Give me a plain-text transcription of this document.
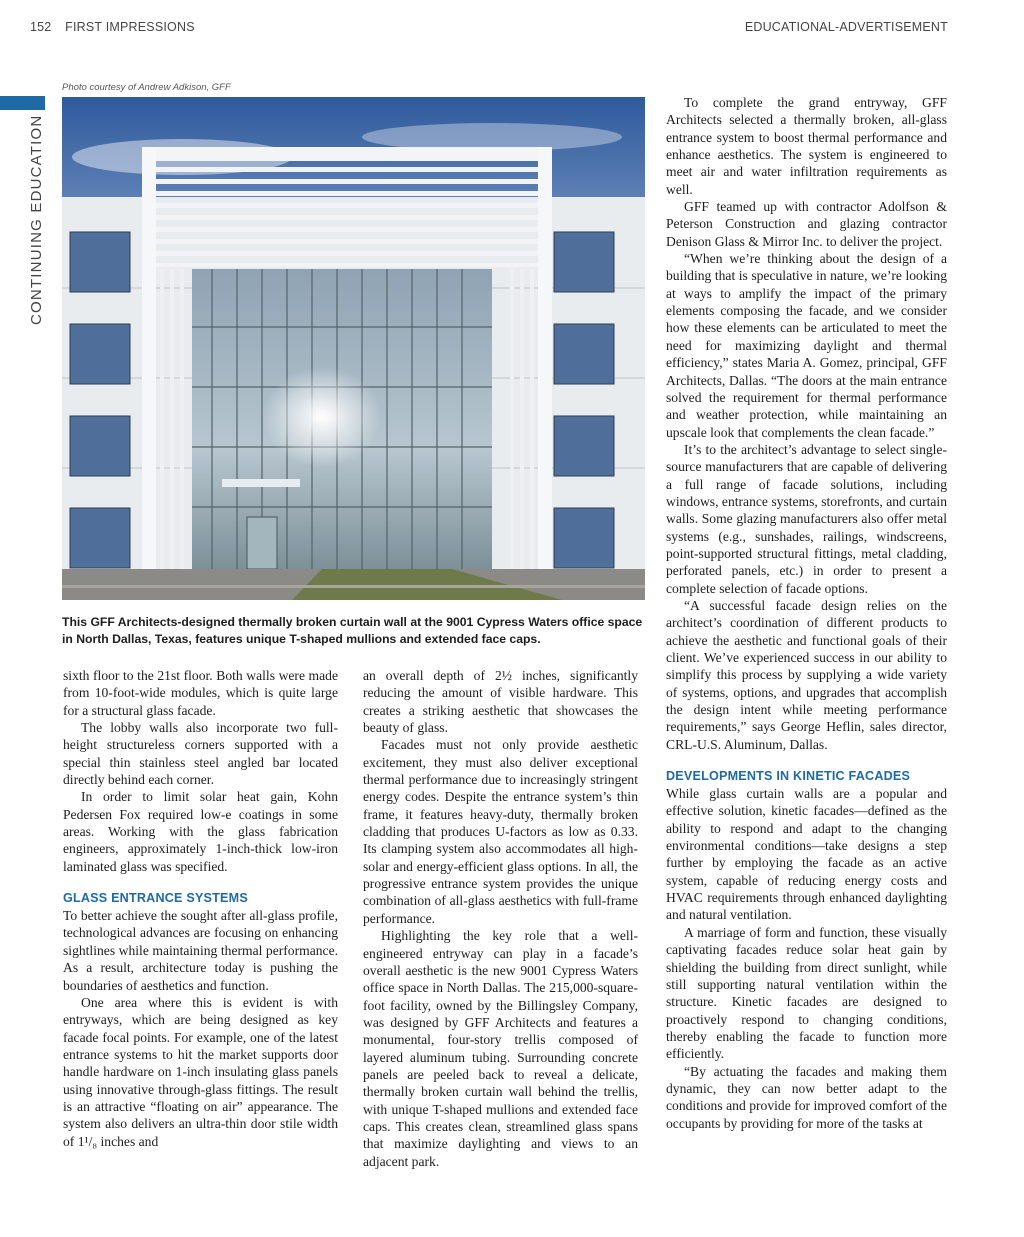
152 FIRST IMPRESSIONS	EDUCATIONAL-ADVERTISEMENT
CONTINUING EDUCATION
Photo courtesy of Andrew Adkison, GFF
This GFF Architects-designed thermally broken curtain wall at the 9001 Cypress Waters office space in North Dallas, Texas, features unique T-shaped mullions and extended face caps.

sixth floor to the 21st floor. Both walls were made from 10-foot-wide modules, which is quite large for a structural glass facade.

The lobby walls also incorporate two full-height structureless corners supported with a special thin stainless steel angled bar located directly behind each corner.

In order to limit solar heat gain, Kohn Pedersen Fox required low-e coatings in some areas. Working with the glass fabrication engineers, approximately 1-inch-thick low-iron laminated glass was specified.

GLASS ENTRANCE SYSTEMS

To better achieve the sought after all-glass profile, technological advances are focusing on enhancing sightlines while maintaining thermal performance. As a result, architecture today is pushing the boundaries of aesthetics and function.

One area where this is evident is with entryways, which are being designed as key facade focal points. For example, one of the latest entrance systems to hit the market supports door handle hardware on 1-inch insulating glass panels using innovative through-glass fittings. The result is an attractive “floating on air” appearance. The system also delivers an ultra-thin door stile width of 1¹/₈ inches and

an overall depth of 2½ inches, significantly reducing the amount of visible hardware. This creates a striking aesthetic that showcases the beauty of glass.

Facades must not only provide aesthetic excitement, they must also deliver exceptional thermal performance due to increasingly stringent energy codes. Despite the entrance system’s thin frame, it features heavy-duty, thermally broken cladding that produces U-factors as low as 0.33. Its clamping system also accommodates all high-solar and energy-efficient glass options. In all, the progressive entrance system provides the unique combination of all-glass aesthetics with full-frame performance.

Highlighting the key role that a well-engineered entryway can play in a facade’s overall aesthetic is the new 9001 Cypress Waters office space in North Dallas. The 215,000-square-foot facility, owned by the Billingsley Company, was designed by GFF Architects and features a monumental, four-story trellis composed of layered aluminum tubing. Surrounding concrete panels are peeled back to reveal a delicate, thermally broken curtain wall behind the trellis, with unique T-shaped mullions and extended face caps. This creates clean, streamlined glass spans that maximize daylighting and views to an adjacent park.

To complete the grand entryway, GFF Architects selected a thermally broken, all-glass entrance system to boost thermal performance and enhance aesthetics. The system is engineered to meet air and water infiltration requirements as well.

GFF teamed up with contractor Adolfson & Peterson Construction and glazing contractor Denison Glass & Mirror Inc. to deliver the project.

“When we’re thinking about the design of a building that is speculative in nature, we’re looking at ways to amplify the impact of the primary elements composing the facade, and we consider how these elements can be articulated to meet the need for maximizing daylight and thermal efficiency,” states Maria A. Gomez, principal, GFF Architects, Dallas. “The doors at the main entrance solved the requirement for thermal performance and weather protection, while maintaining an upscale look that complements the clean facade.”

It’s to the architect’s advantage to select single-source manufacturers that are capable of delivering a full range of facade solutions, including windows, entrance systems, storefronts, and curtain walls. Some glazing manufacturers also offer metal systems (e.g., sunshades, railings, windscreens, point-supported structural fittings, metal cladding, perforated panels, etc.) in order to present a complete selection of facade options.

“A successful facade design relies on the architect’s coordination of different products to achieve the aesthetic and functional goals of their client. We’ve experienced success in our ability to simplify this process by supplying a wide variety of systems, options, and upgrades that accomplish the design intent while meeting performance requirements,” says George Heflin, sales director, CRL-U.S. Aluminum, Dallas.

DEVELOPMENTS IN KINETIC FACADES

While glass curtain walls are a popular and effective solution, kinetic facades—defined as the ability to respond and adapt to the changing environmental conditions—take designs a step further by employing the facade as an active system, capable of reducing energy costs and HVAC requirements through enhanced daylighting and natural ventilation.

A marriage of form and function, these visually captivating facades reduce solar heat gain by shielding the building from direct sunlight, while still supporting natural ventilation within the structure. Kinetic facades are designed to proactively respond to changing conditions, thereby enabling the facade to function more efficiently.

“By actuating the facades and making them dynamic, they can now better adapt to the conditions and provide for improved comfort of the occupants by providing for more of the tasks at
